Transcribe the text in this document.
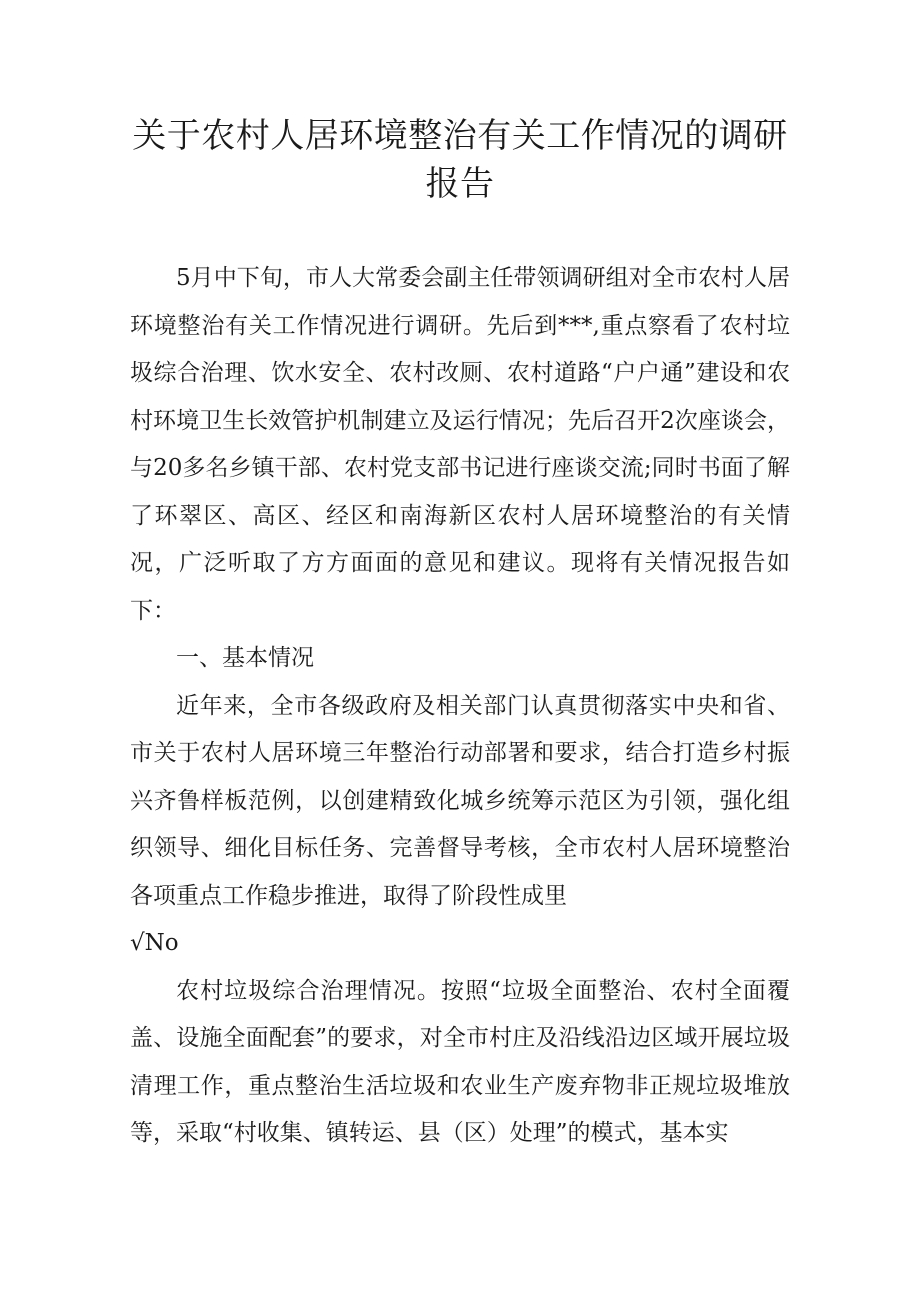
关于农村人居环境整治有关工作情况的调研报告

5月中下旬，市人大常委会副主任带领调研组对全市农村人居环境整治有关工作情况进行调研。先后到***,重点察看了农村垃圾综合治理、饮水安全、农村改厕、农村道路“户户通”建设和农村环境卫生长效管护机制建立及运行情况；先后召开2次座谈会，与20多名乡镇干部、农村党支部书记进行座谈交流;同时书面了解了环翠区、高区、经区和南海新区农村人居环境整治的有关情况，广泛听取了方方面面的意见和建议。现将有关情况报告如下：

一、基本情况

近年来，全市各级政府及相关部门认真贯彻落实中央和省、市关于农村人居环境三年整治行动部署和要求，结合打造乡村振兴齐鲁样板范例，以创建精致化城乡统筹示范区为引领，强化组织领导、细化目标任务、完善督导考核，全市农村人居环境整治各项重点工作稳步推进，取得了阶段性成里

√No

农村垃圾综合治理情况。按照“垃圾全面整治、农村全面覆盖、设施全面配套”的要求，对全市村庄及沿线沿边区域开展垃圾清理工作，重点整治生活垃圾和农业生产废弃物非正规垃圾堆放等，采取“村收集、镇转运、县（区）处理”的模式，基本实
